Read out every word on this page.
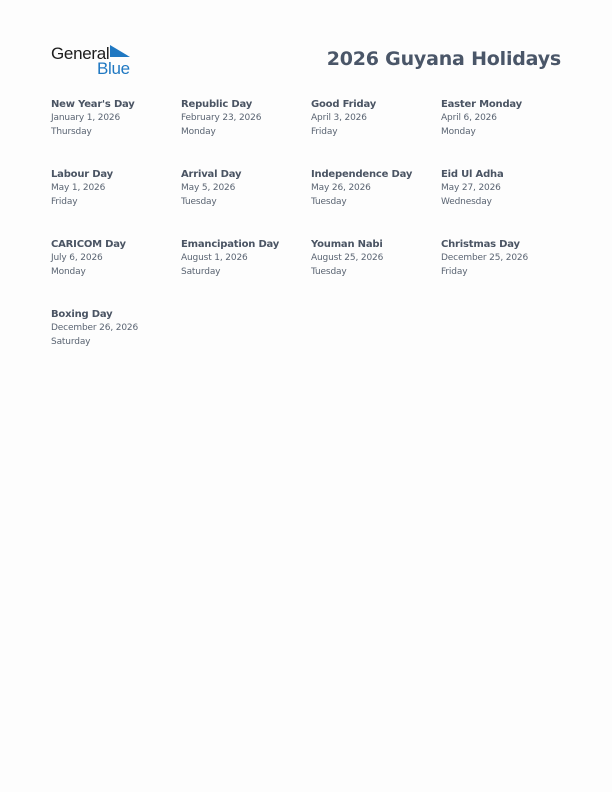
General
Blue	2026 Guyana Holidays
New Year's Day
January 1, 2026
Thursday
Republic Day
February 23, 2026
Monday
Good Friday
April 3, 2026
Friday
Easter Monday
April 6, 2026
Monday
Labour Day
May 1, 2026
Friday
Arrival Day
May 5, 2026
Tuesday
Independence Day
May 26, 2026
Tuesday
Eid Ul Adha
May 27, 2026
Wednesday
CARICOM Day
July 6, 2026
Monday
Emancipation Day
August 1, 2026
Saturday
Youman Nabi
August 25, 2026
Tuesday
Christmas Day
December 25, 2026
Friday
Boxing Day
December 26, 2026
Saturday
